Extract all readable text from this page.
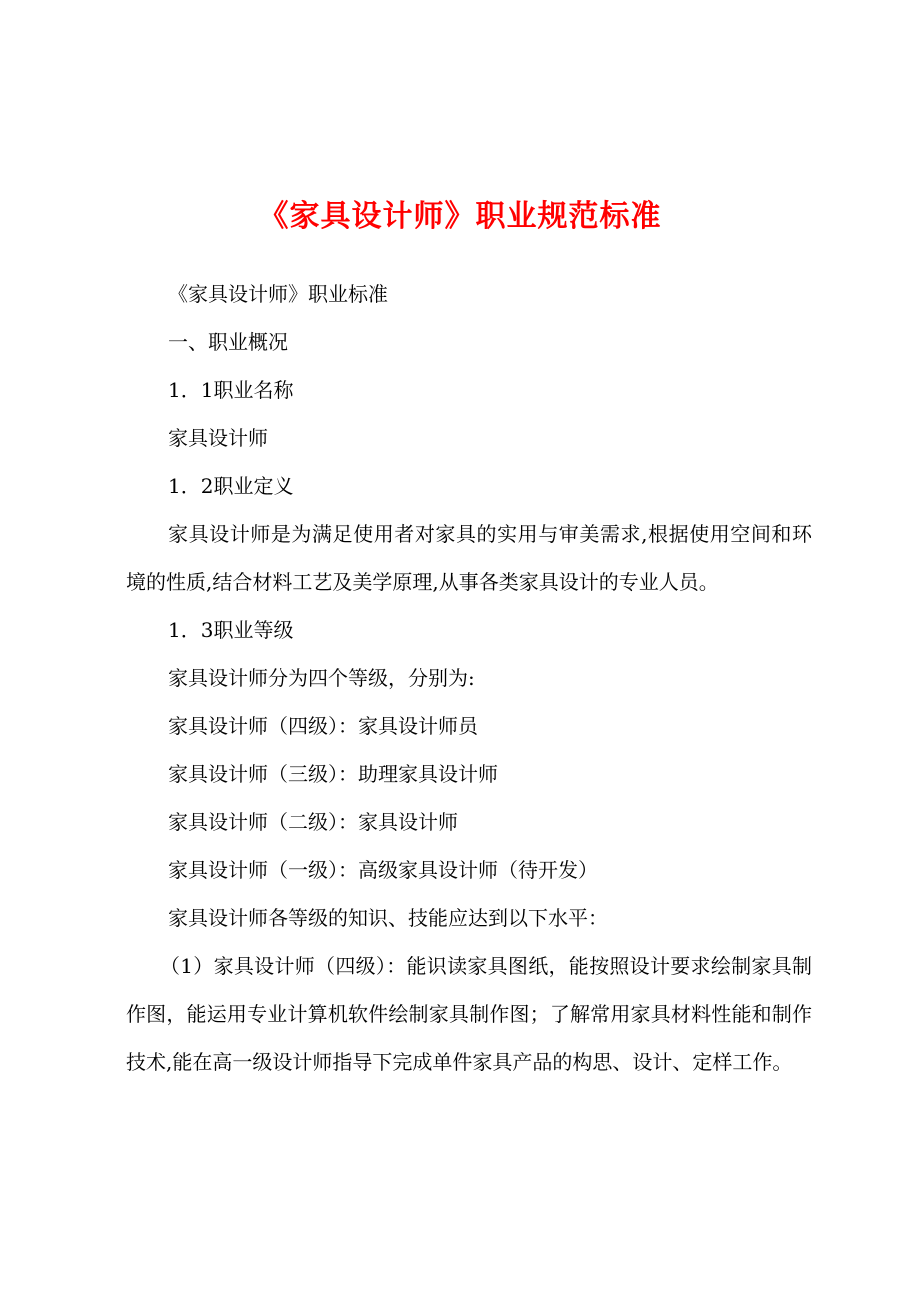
《家具设计师》职业规范标准

《家具设计师》职业标准

一、职业概况

1．1职业名称

家具设计师

1．2职业定义

家具设计师是为满足使用者对家具的实用与审美需求,根据使用空间和环境的性质,结合材料工艺及美学原理,从事各类家具设计的专业人员。

1．3职业等级

家具设计师分为四个等级，分别为:

家具设计师（四级）：家具设计师员

家具设计师（三级）：助理家具设计师

家具设计师（二级）：家具设计师

家具设计师（一级）：高级家具设计师（待开发）

家具设计师各等级的知识、技能应达到以下水平：

（1）家具设计师（四级）：能识读家具图纸，能按照设计要求绘制家具制作图，能运用专业计算机软件绘制家具制作图；了解常用家具材料性能和制作技术,能在高一级设计师指导下完成单件家具产品的构思、设计、定样工作。
